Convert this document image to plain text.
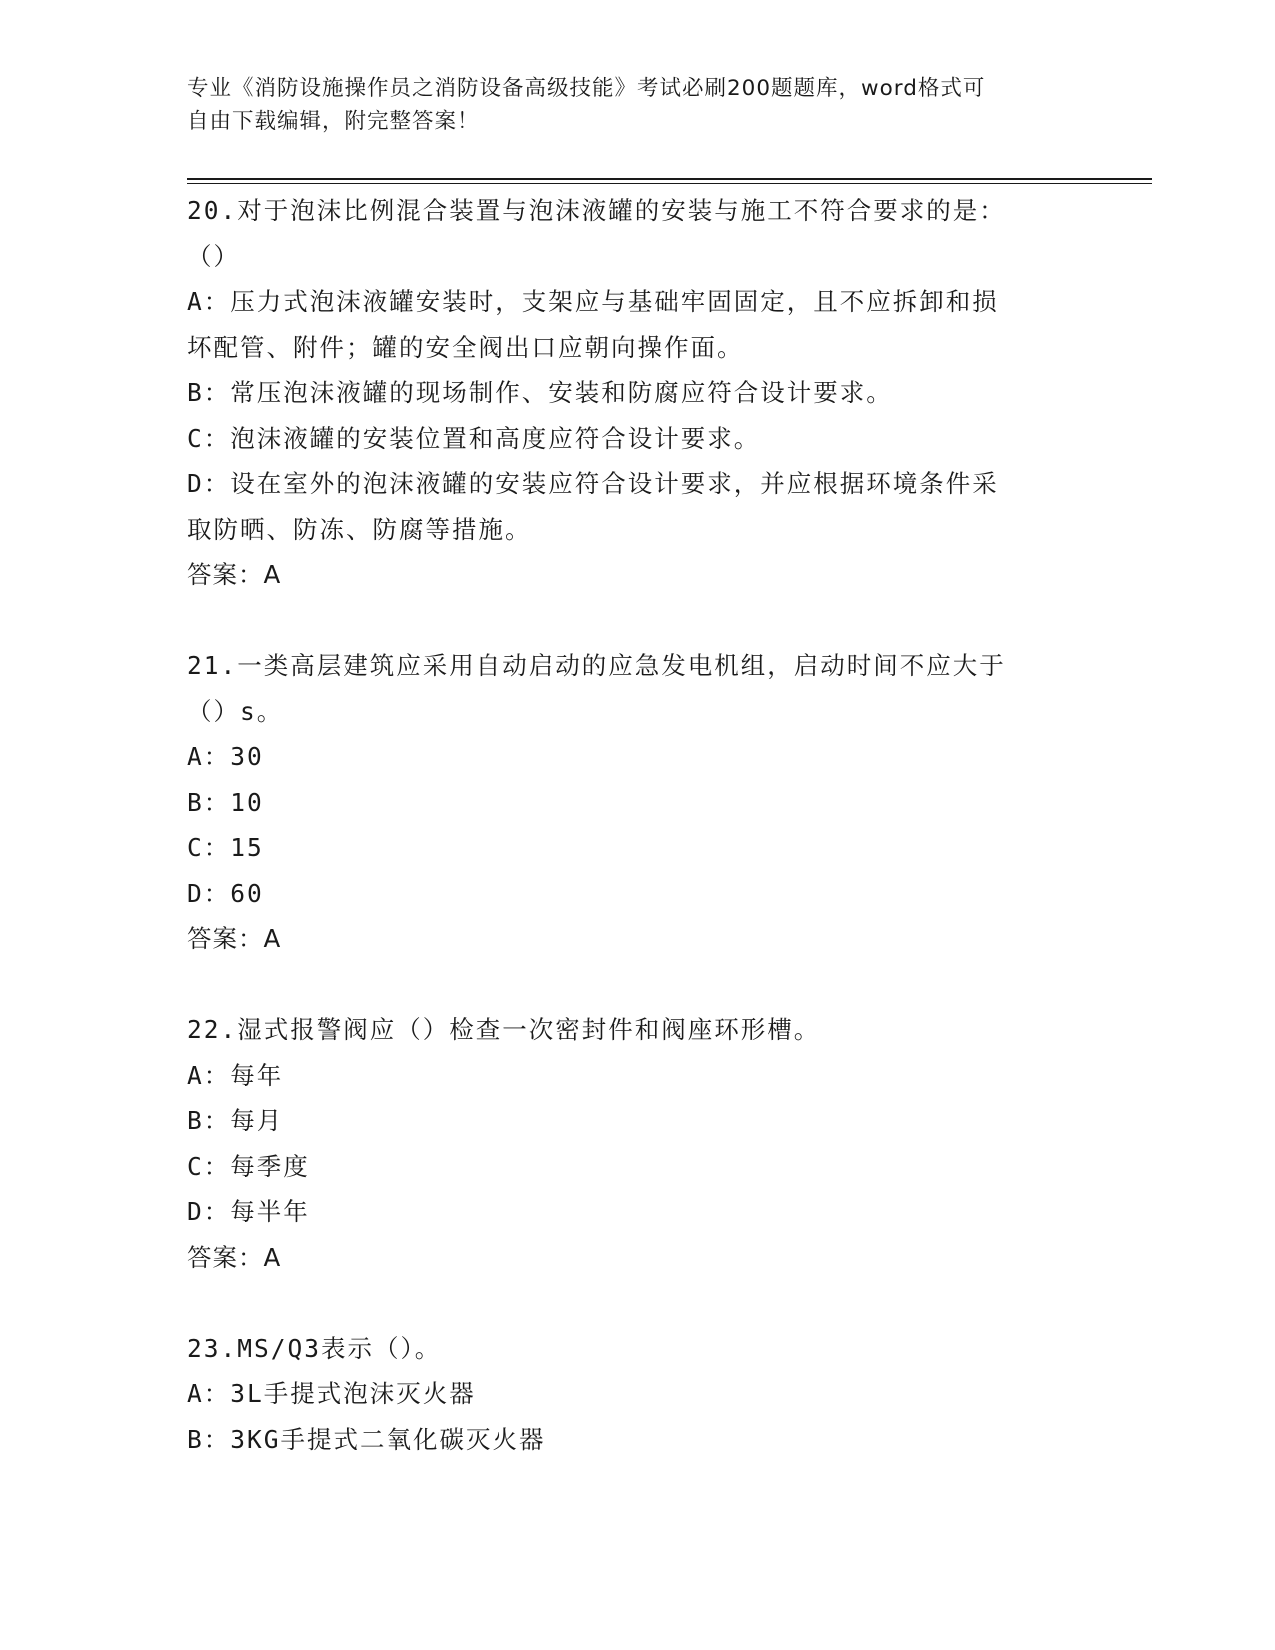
专业《消防设施操作员之消防设备高级技能》考试必刷200题题库，word格式可
自由下载编辑，附完整答案！
20.对于泡沫比例混合装置与泡沫液罐的安装与施工不符合要求的是：
（）
A：压力式泡沫液罐安装时，支架应与基础牢固固定，且不应拆卸和损
坏配管、附件；罐的安全阀出口应朝向操作面。
B：常压泡沫液罐的现场制作、安装和防腐应符合设计要求。
C：泡沫液罐的安装位置和高度应符合设计要求。
D：设在室外的泡沫液罐的安装应符合设计要求，并应根据环境条件采
取防晒、防冻、防腐等措施。
答案：A
21.一类高层建筑应采用自动启动的应急发电机组，启动时间不应大于
（）s。
A：30
B：10
C：15
D：60
答案：A
22.湿式报警阀应（）检查一次密封件和阀座环形槽。
A：每年
B：每月
C：每季度
D：每半年
答案：A
23.MS/Q3表示（）。
A：3L手提式泡沫灭火器
B：3KG手提式二氧化碳灭火器
